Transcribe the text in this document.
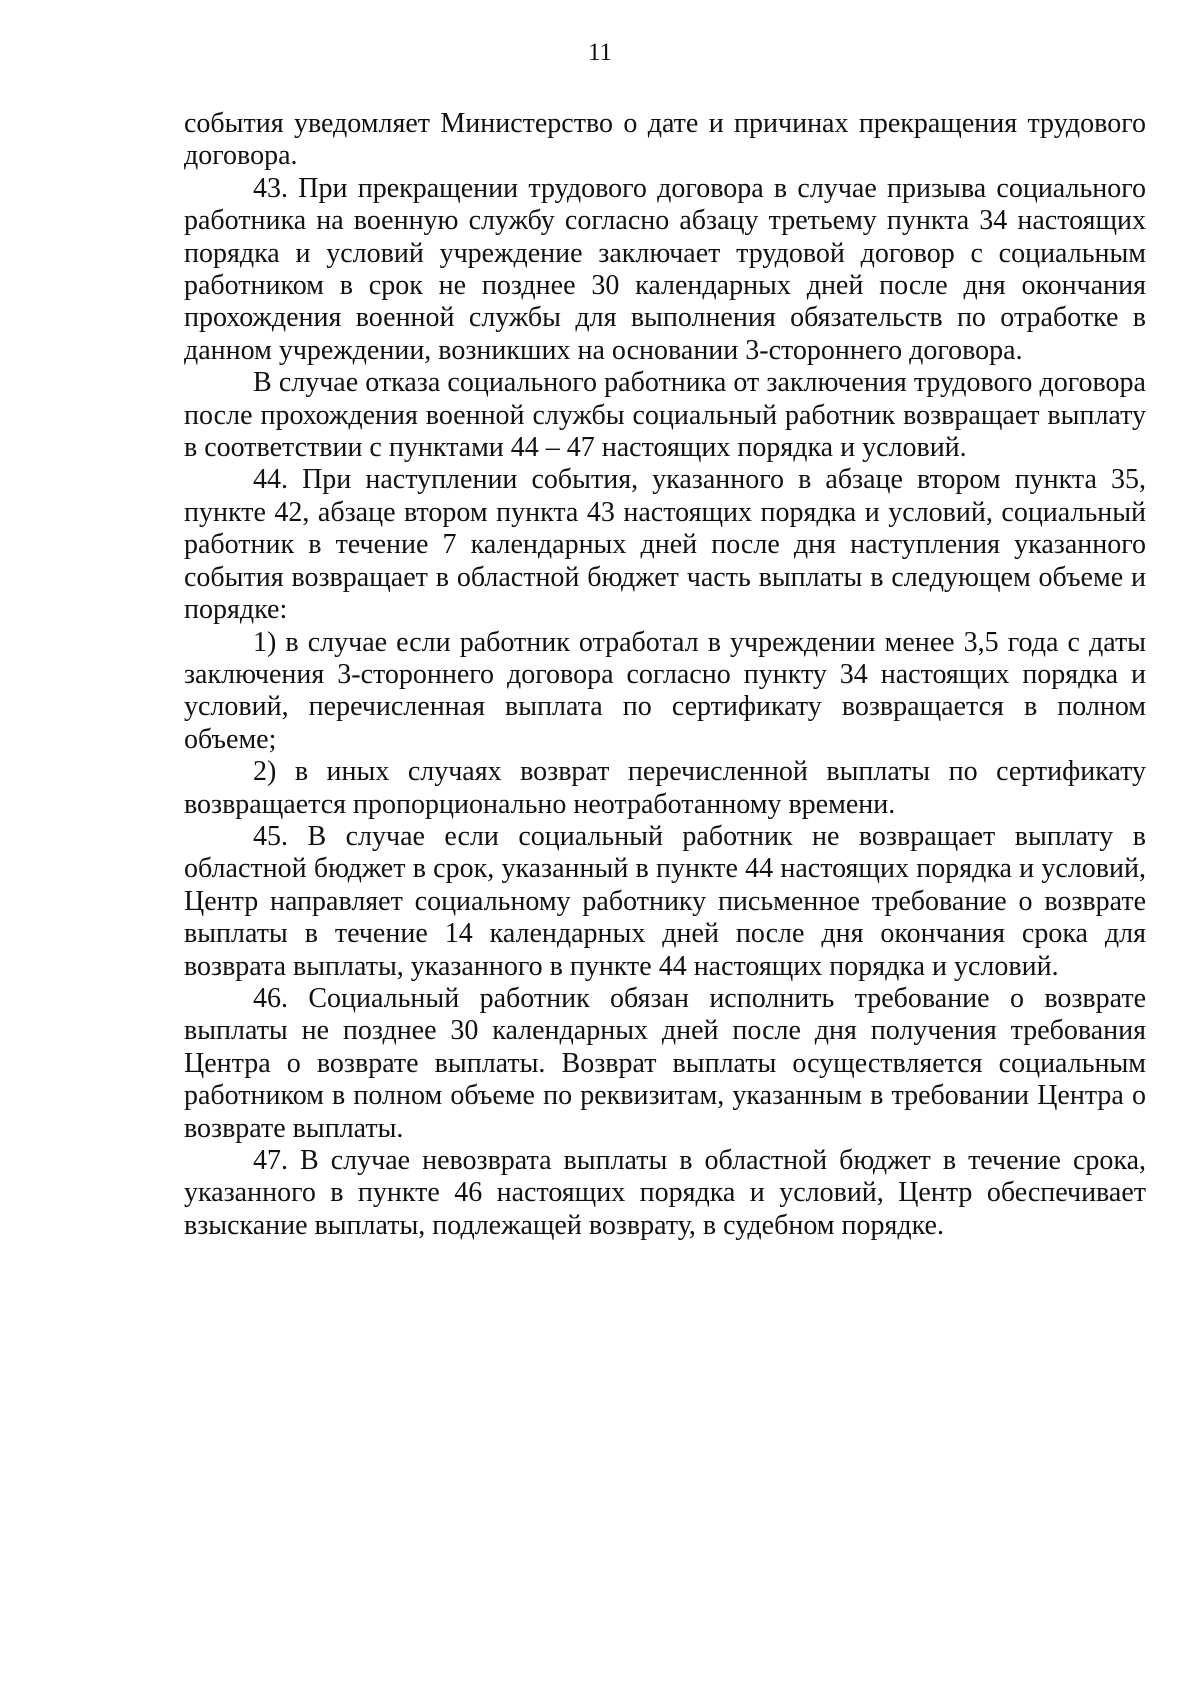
11

события уведомляет Министерство о дате и причинах прекращения трудового договора.

43. При прекращении трудового договора в случае призыва социального работника на военную службу согласно абзацу третьему пункта 34 настоящих порядка и условий учреждение заключает трудовой договор с социальным работником в срок не позднее 30 календарных дней после дня окончания прохождения военной службы для выполнения обязательств по отработке в данном учреждении, возникших на основании 3-стороннего договора.

В случае отказа социального работника от заключения трудового договора после прохождения военной службы социальный работник возвращает выплату в соответствии с пунктами 44 – 47 настоящих порядка и условий.

44. При наступлении события, указанного в абзаце втором пункта 35, пункте 42, абзаце втором пункта 43 настоящих порядка и условий, социальный работник в течение 7 календарных дней после дня наступления указанного события возвращает в областной бюджет часть выплаты в следующем объеме и порядке:

1) в случае если работник отработал в учреждении менее 3,5 года с даты заключения 3-стороннего договора согласно пункту 34 настоящих порядка и условий, перечисленная выплата по сертификату возвращается в полном объеме;

2) в иных случаях возврат перечисленной выплаты по сертификату возвращается пропорционально неотработанному времени.

45. В случае если социальный работник не возвращает выплату в областной бюджет в срок, указанный в пункте 44 настоящих порядка и условий, Центр направляет социальному работнику письменное требование о возврате выплаты в течение 14 календарных дней после дня окончания срока для возврата выплаты, указанного в пункте 44 настоящих порядка и условий.

46. Социальный работник обязан исполнить требование о возврате выплаты не позднее 30 календарных дней после дня получения требования Центра о возврате выплаты. Возврат выплаты осуществляется социальным работником в полном объеме по реквизитам, указанным в требовании Центра о возврате выплаты.

47. В случае невозврата выплаты в областной бюджет в течение срока, указанного в пункте 46 настоящих порядка и условий, Центр обеспечивает взыскание выплаты, подлежащей возврату, в судебном порядке.
